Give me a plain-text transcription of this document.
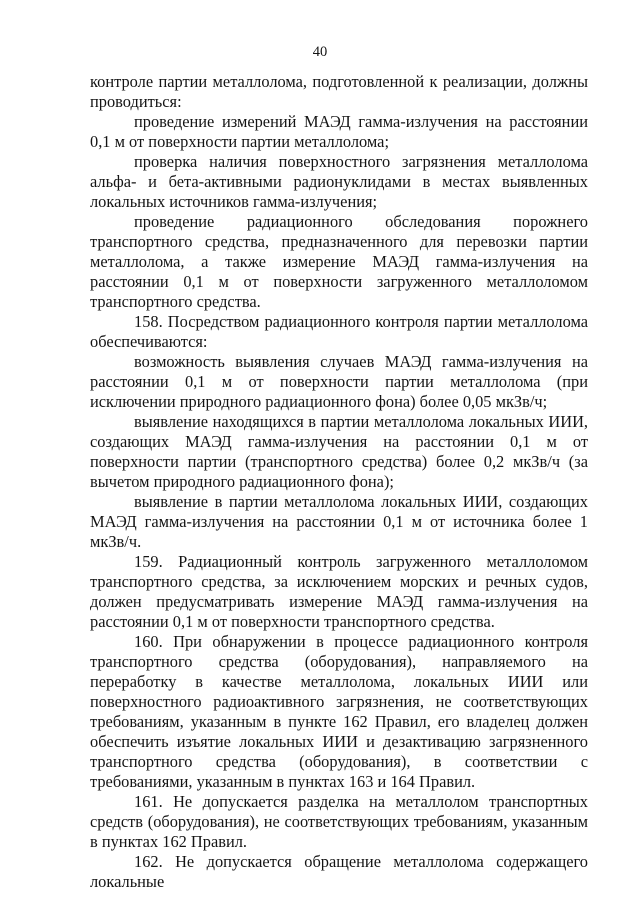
40

контроле партии металлолома, подготовленной к реализации, должны проводиться:

проведение измерений МАЭД гамма-излучения на расстоянии 0,1 м от поверхности партии металлолома;

проверка наличия поверхностного загрязнения металлолома альфа- и бета-активными радионуклидами в местах выявленных локальных источников гамма-излучения;

проведение радиационного обследования порожнего транспортного средства, предназначенного для перевозки партии металлолома, а также измерение МАЭД гамма-излучения на расстоянии 0,1 м от поверхности загруженного металлоломом транспортного средства.

158. Посредством радиационного контроля партии металлолома обеспечиваются:

возможность выявления случаев МАЭД гамма-излучения на расстоянии 0,1 м от поверхности партии металлолома (при исключении природного радиационного фона) более 0,05 мкЗв/ч;

выявление находящихся в партии металлолома локальных ИИИ, создающих МАЭД гамма-излучения на расстоянии 0,1 м от поверхности партии (транспортного средства) более 0,2 мкЗв/ч (за вычетом природного радиационного фона);

выявление в партии металлолома локальных ИИИ, создающих МАЭД гамма-излучения на расстоянии 0,1 м от источника более 1 мкЗв/ч.

159. Радиационный контроль загруженного металлоломом транспортного средства, за исключением морских и речных судов, должен предусматривать измерение МАЭД гамма-излучения на расстоянии 0,1 м от поверхности транспортного средства.

160. При обнаружении в процессе радиационного контроля транспортного средства (оборудования), направляемого на переработку в качестве металлолома, локальных ИИИ или поверхностного радиоактивного загрязнения, не соответствующих требованиям, указанным в пункте 162 Правил, его владелец должен обеспечить изъятие локальных ИИИ и дезактивацию загрязненного транспортного средства (оборудования), в соответствии с требованиями, указанным в пунктах 163 и 164 Правил.

161. Не допускается разделка на металлолом транспортных средств (оборудования), не соответствующих требованиям, указанным в пунктах 162 Правил.

162. Не допускается обращение металлолома содержащего локальные
